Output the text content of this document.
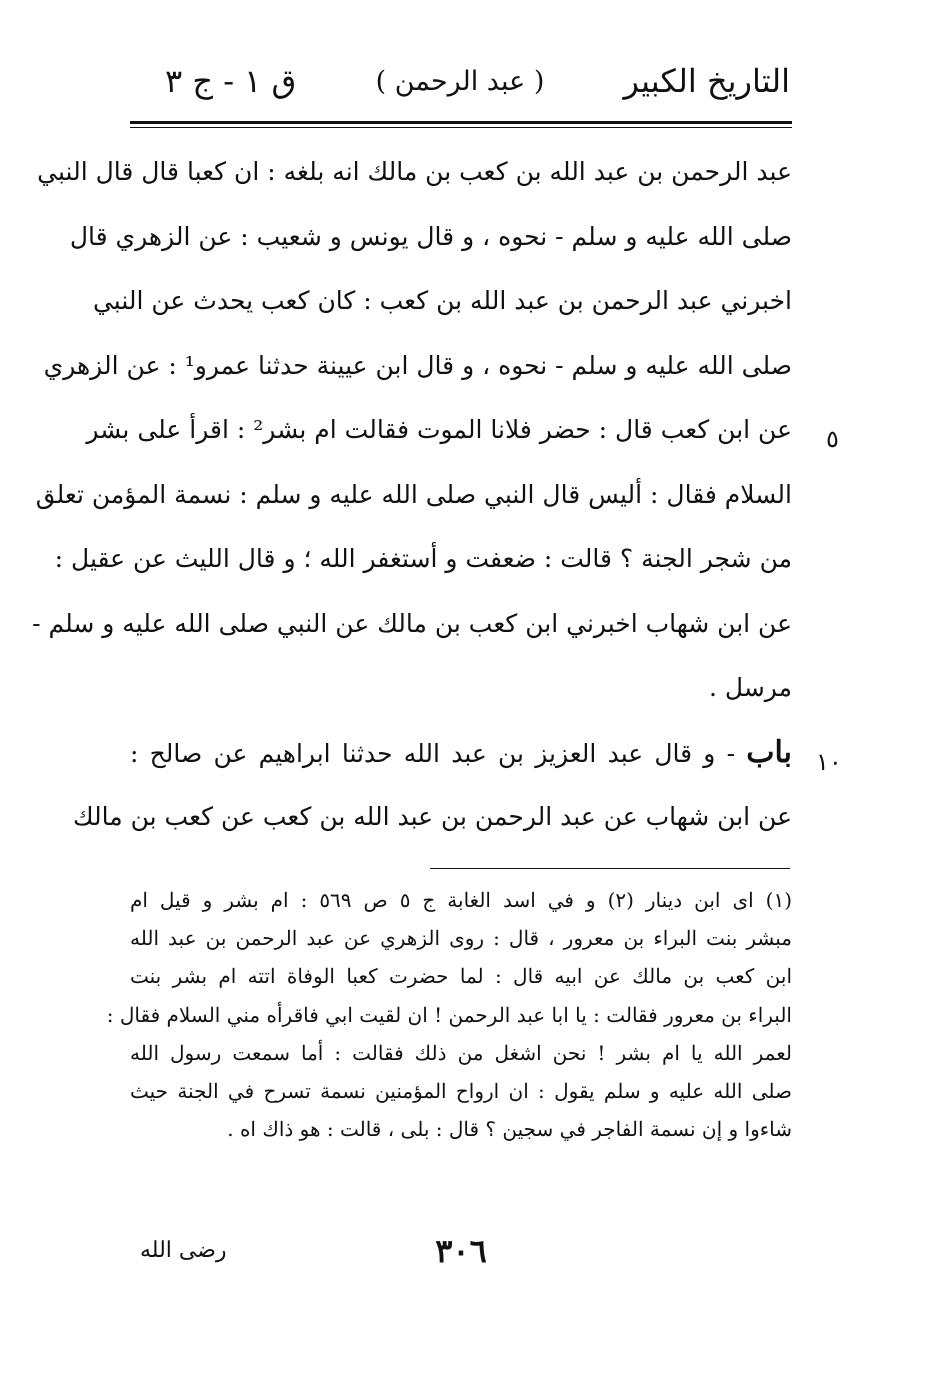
التاريخ الكبير
( عبد الرحمن )
ق ١ - ج ٣
عبد الرحمن بن عبد الله بن كعب بن مالك انه بلغه : ان كعبا قال قال النبي
صلى الله عليه و سلم - نحوه ، و قال يونس و شعيب : عن الزهري قال
اخبرني عبد الرحمن بن عبد الله بن كعب : كان كعب يحدث عن النبي
صلى الله عليه و سلم - نحوه ، و قال ابن عيينة حدثنا عمرو¹ : عن الزهري
عن ابن كعب قال : حضر فلانا الموت فقالت ام بشر² : اقرأ على بشر
السلام فقال : أليس قال النبي صلى الله عليه و سلم : نسمة المؤمن تعلق
من شجر الجنة ؟ قالت : ضعفت و أستغفر الله ؛ و قال الليث عن عقيل :
عن ابن شهاب اخبرني ابن كعب بن مالك عن النبي صلى الله عليه و سلم -
مرسل .
باب - و قال عبد العزيز بن عبد الله حدثنا ابراهيم عن صالح :
عن ابن شهاب عن عبد الرحمن بن عبد الله بن كعب عن كعب بن مالك
٥
١٠
(١) اى ابن دينار (٢) و في اسد الغابة ج ٥ ص ٥٦٩ : ام بشر و قيل ام
مبشر بنت البراء بن معرور ، قال : روى الزهري عن عبد الرحمن بن عبد الله
ابن كعب بن مالك عن ابيه قال : لما حضرت كعبا الوفاة اتته ام بشر بنت
البراء بن معرور فقالت : يا ابا عبد الرحمن ! ان لقيت ابي فاقرأه مني السلام فقال :
لعمر الله يا ام بشر ! نحن اشغل من ذلك فقالت : أما سمعت رسول الله
صلى الله عليه و سلم يقول : ان ارواح المؤمنين نسمة تسرح في الجنة حيث
شاءوا و إن نسمة الفاجر في سجين ؟ قال : بلى ، قالت : هو ذاك اه .
٣٠٦
رضى الله
